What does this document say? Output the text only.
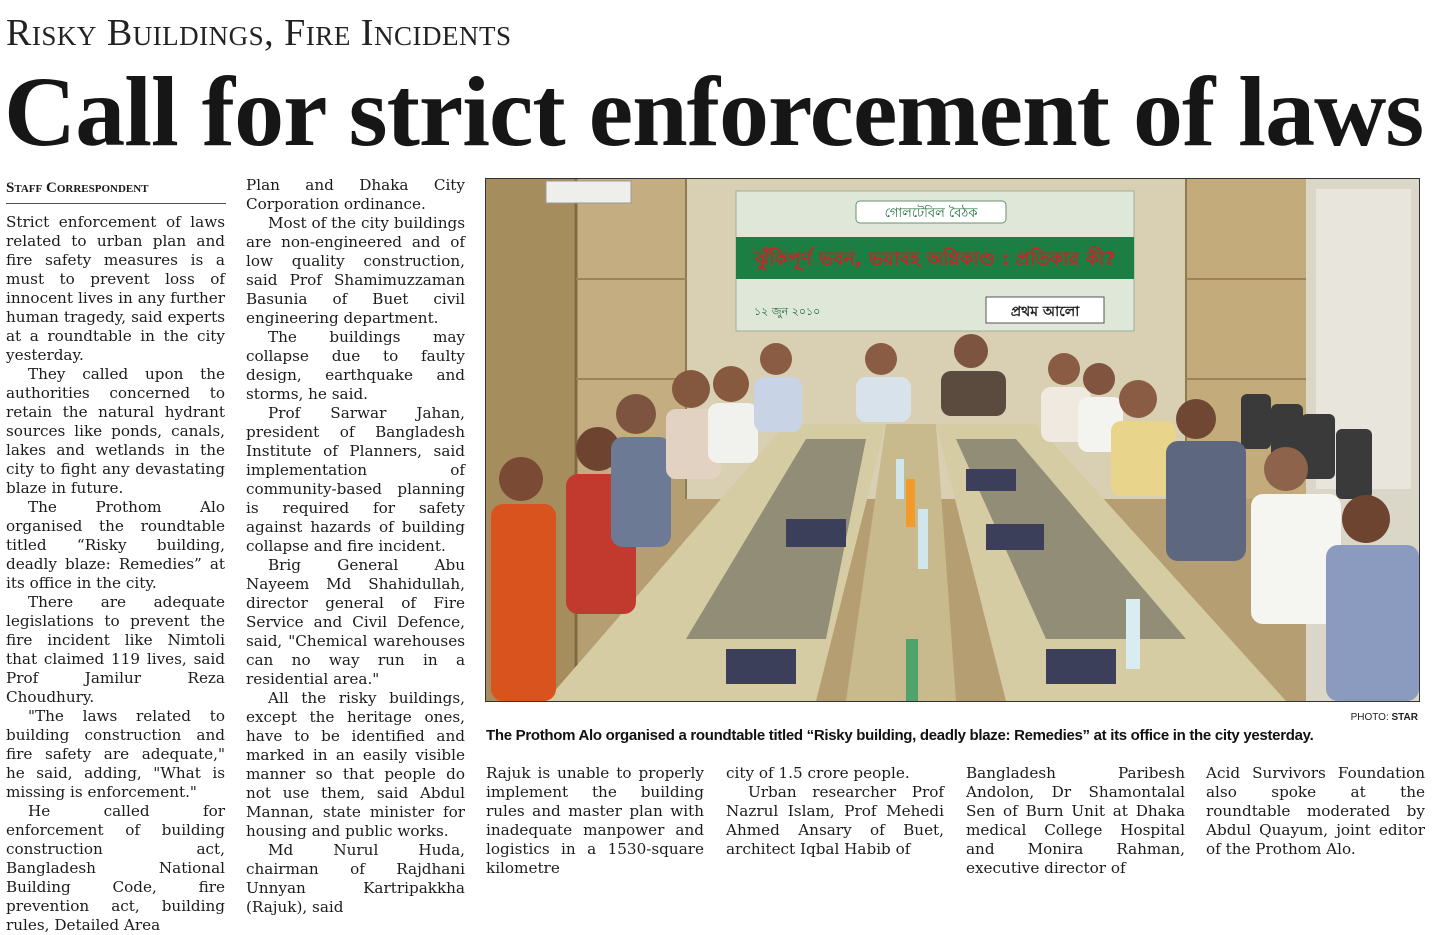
Risky Buildings, Fire Incidents
Call for strict enforcement of laws
Staff Correspondent

Strict enforcement of laws related to urban plan and fire safety measures is a must to prevent loss of innocent lives in any further human tragedy, said experts at a roundtable in the city yesterday.

They called upon the authorities concerned to retain the natural hydrant sources like ponds, canals, lakes and wetlands in the city to fight any devastating blaze in future.

The Prothom Alo organised the roundtable titled “Risky building, deadly blaze: Remedies” at its office in the city.

There are adequate legislations to prevent the fire incident like Nimtoli that claimed 119 lives, said Prof Jamilur Reza Choudhury.

"The laws related to building construction and fire safety are adequate," he said, adding, "What is missing is enforcement."

He called for enforcement of building construction act, Bangladesh National Building Code, fire prevention act, building rules, Detailed Area

Plan and Dhaka City Corporation ordinance.

Most of the city buildings are non-engineered and of low quality construction, said Prof Shamimuzzaman Basunia of Buet civil engineering department.

The buildings may collapse due to faulty design, earthquake and storms, he said.

Prof Sarwar Jahan, president of Bangladesh Institute of Planners, said implementation of community-based planning is required for safety against hazards of building collapse and fire incident.

Brig General Abu Nayeem Md Shahidullah, director general of Fire Service and Civil Defence, said, "Chemical warehouses can no way run in a residential area."

All the risky buildings, except the heritage ones, have to be identified and marked in an easily visible manner so that people do not use them, said Abdul Mannan, state minister for housing and public works.

Md Nurul Huda, chairman of Rajdhani Unnyan Kartripakkha (Rajuk), said

গোলটেবিল বৈঠক
ঝুঁকিপূর্ণ ভবন, ভয়াবহ অগ্নিকাণ্ড : প্রতিকার কী?
১২ জুন ২০১০	প্রথম আলো
PHOTO: STAR
The Prothom Alo organised a roundtable titled “Risky building, deadly blaze: Remedies” at its office in the city yesterday.

Rajuk is unable to properly implement the building rules and master plan with inadequate manpower and logistics in a 1530-square kilometre

city of 1.5 crore people.

Urban researcher Prof Nazrul Islam, Prof Mehedi Ahmed Ansary of Buet, architect Iqbal Habib of

Bangladesh Paribesh Andolon, Dr Shamontalal Sen of Burn Unit at Dhaka medical College Hospital and Monira Rahman, executive director of

Acid Survivors Foundation also spoke at the roundtable moderated by Abdul Quayum, joint editor of the Prothom Alo.
